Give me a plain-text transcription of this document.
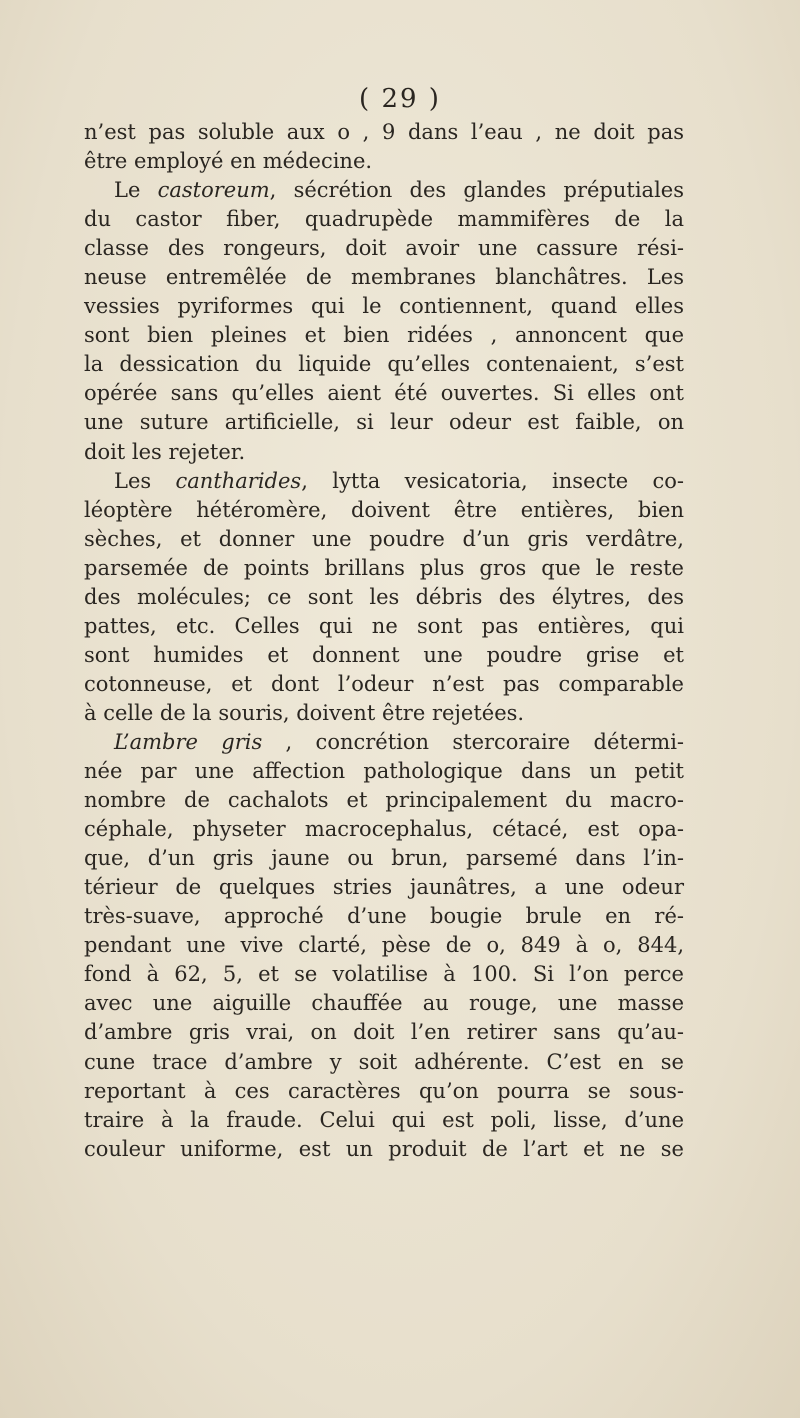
( 29 )
n’est pas soluble aux o , 9 dans l’eau , ne doit pas
être employé en médecine.
Le castoreum, sécrétion des glandes préputiales
du castor fiber, quadrupède mammifères de la
classe des rongeurs, doit avoir une cassure rési-
neuse entremêlée de membranes blanchâtres. Les
vessies pyriformes qui le contiennent, quand elles
sont bien pleines et bien ridées , annoncent que
la dessication du liquide qu’elles contenaient, s’est
opérée sans qu’elles aient été ouvertes. Si elles ont
une suture artificielle, si leur odeur est faible, on
doit les rejeter.
Les cantharides, lytta vesicatoria, insecte co-
léoptère hétéromère, doivent être entières, bien
sèches, et donner une poudre d’un gris verdâtre,
parsemée de points brillans plus gros que le reste
des molécules; ce sont les débris des élytres, des
pattes, etc. Celles qui ne sont pas entières, qui
sont humides et donnent une poudre grise et
cotonneuse, et dont l’odeur n’est pas comparable
à celle de la souris, doivent être rejetées.
L’ambre gris , concrétion stercoraire détermi-
née par une affection pathologique dans un petit
nombre de cachalots et principalement du macro-
céphale, physeter macrocephalus, cétacé, est opa-
que, d’un gris jaune ou brun, parsemé dans l’in-
térieur de quelques stries jaunâtres, a une odeur
très-suave, approché d’une bougie brule en ré-
pendant une vive clarté, pèse de o, 849 à o, 844,
fond à 62, 5, et se volatilise à 100. Si l’on perce
avec une aiguille chauffée au rouge, une masse
d’ambre gris vrai, on doit l’en retirer sans qu’au-
cune trace d’ambre y soit adhérente. C’est en se
reportant à ces caractères qu’on pourra se sous-
traire à la fraude. Celui qui est poli, lisse, d’une
couleur uniforme, est un produit de l’art et ne se
